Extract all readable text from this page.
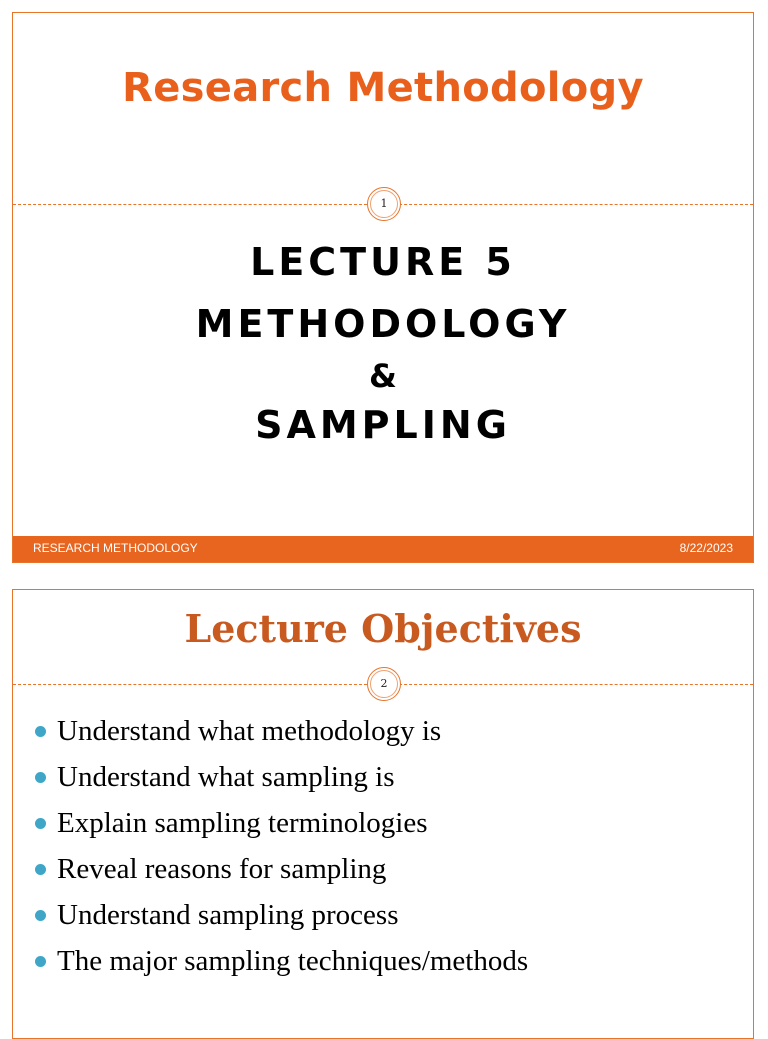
Research Methodology
1
LECTURE 5
METHODOLOGY
&
SAMPLING
RESEARCH METHODOLOGY	8/22/2023
Lecture Objectives
2
Understand what methodology is
Understand what sampling is
Explain sampling terminologies
Reveal reasons for sampling
Understand sampling process
The major sampling techniques/methods
